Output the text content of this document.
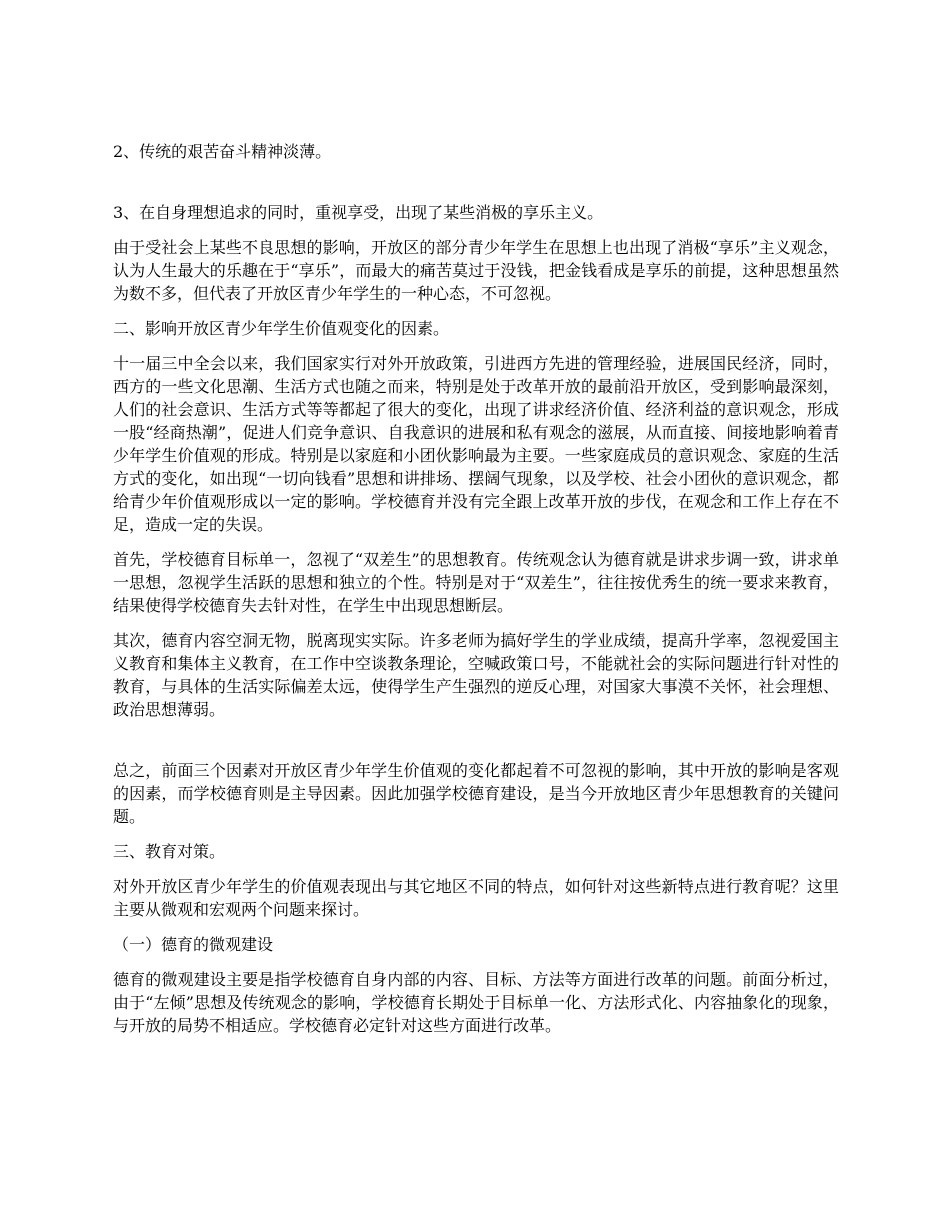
2、传统的艰苦奋斗精神淡薄。

3、在自身理想追求的同时，重视享受，出现了某些消极的享乐主义。

由于受社会上某些不良思想的影响，开放区的部分青少年学生在思想上也出现了消极“享乐”主义观念，认为人生最大的乐趣在于“享乐”，而最大的痛苦莫过于没钱，把金钱看成是享乐的前提，这种思想虽然为数不多，但代表了开放区青少年学生的一种心态，不可忽视。

二、影响开放区青少年学生价值观变化的因素。

十一届三中全会以来，我们国家实行对外开放政策，引进西方先进的管理经验，进展国民经济，同时，西方的一些文化思潮、生活方式也随之而来，特别是处于改革开放的最前沿开放区，受到影响最深刻，人们的社会意识、生活方式等等都起了很大的变化，出现了讲求经济价值、经济利益的意识观念，形成一股“经商热潮”，促进人们竞争意识、自我意识的进展和私有观念的滋展，从而直接、间接地影响着青少年学生价值观的形成。特别是以家庭和小团伙影响最为主要。一些家庭成员的意识观念、家庭的生活方式的变化，如出现“一切向钱看”思想和讲排场、摆阔气现象，以及学校、社会小团伙的意识观念，都给青少年价值观形成以一定的影响。学校德育并没有完全跟上改革开放的步伐，在观念和工作上存在不足，造成一定的失误。

首先，学校德育目标单一，忽视了“双差生”的思想教育。传统观念认为德育就是讲求步调一致，讲求单一思想，忽视学生活跃的思想和独立的个性。特别是对于“双差生”，往往按优秀生的统一要求来教育，结果使得学校德育失去针对性，在学生中出现思想断层。

其次，德育内容空洞无物，脱离现实实际。许多老师为搞好学生的学业成绩，提高升学率，忽视爱国主义教育和集体主义教育，在工作中空谈教条理论，空喊政策口号，不能就社会的实际问题进行针对性的教育，与具体的生活实际偏差太远，使得学生产生强烈的逆反心理，对国家大事漠不关怀，社会理想、政治思想薄弱。

总之，前面三个因素对开放区青少年学生价值观的变化都起着不可忽视的影响，其中开放的影响是客观的因素，而学校德育则是主导因素。因此加强学校德育建设，是当今开放地区青少年思想教育的关键问题。

三、教育对策。

对外开放区青少年学生的价值观表现出与其它地区不同的特点，如何针对这些新特点进行教育呢？这里主要从微观和宏观两个问题来探讨。

（一）德育的微观建设

德育的微观建设主要是指学校德育自身内部的内容、目标、方法等方面进行改革的问题。前面分析过，由于“左倾”思想及传统观念的影响，学校德育长期处于目标单一化、方法形式化、内容抽象化的现象，与开放的局势不相适应。学校德育必定针对这些方面进行改革。
